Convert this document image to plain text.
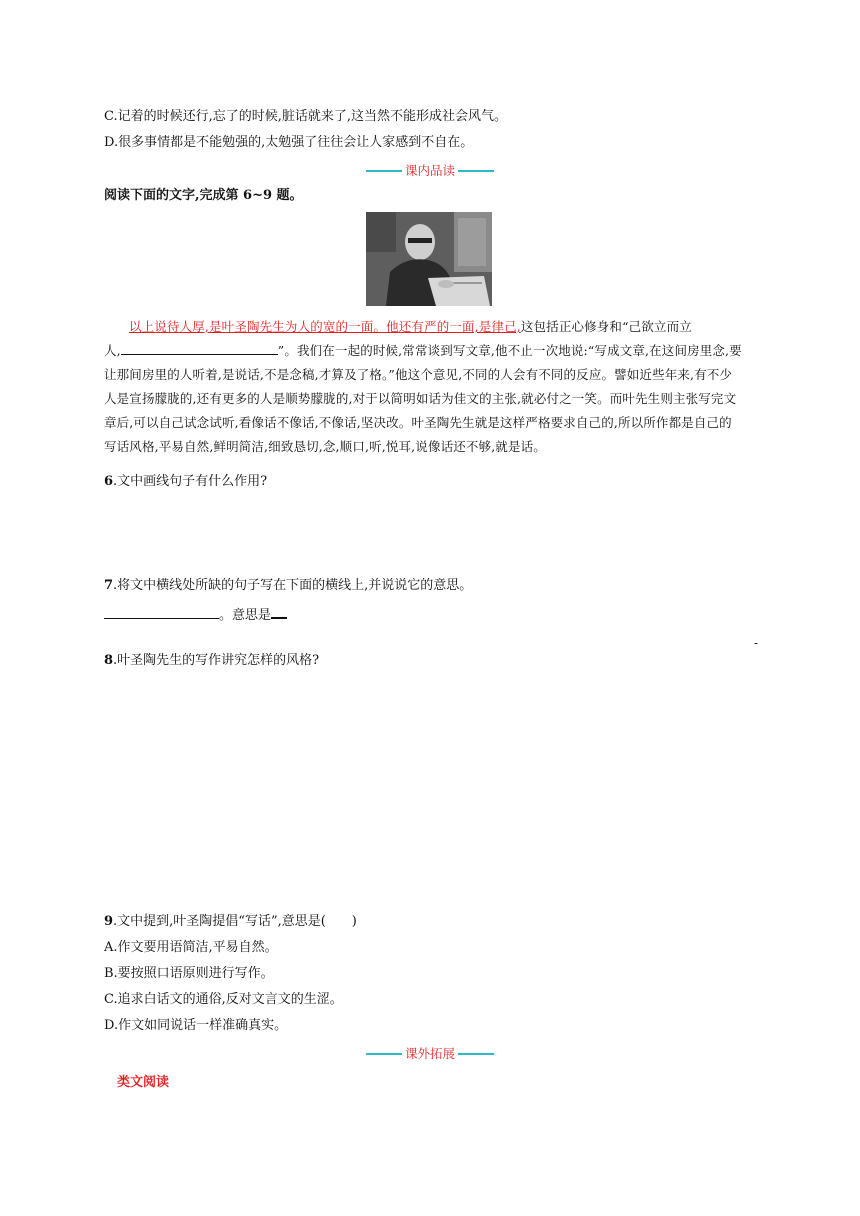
C.记着的时候还行,忘了的时候,脏话就来了,这当然不能形成社会风气。
D.很多事情都是不能勉强的,太勉强了往往会让人家感到不自在。
课内品读
阅读下面的文字,完成第 6~9 题。
以上说待人厚,是叶圣陶先生为人的宽的一面。他还有严的一面,是律己,这包括正心修身和“己欲立而立
人,	”。我们在一起的时候,常常谈到写文章,他不止一次地说:“写成文章,在这间房里念,要
让那间房里的人听着,是说话,不是念稿,才算及了格。”他这个意见,不同的人会有不同的反应。譬如近些年来,有不少
人是宣扬朦胧的,还有更多的人是顺势朦胧的,对于以简明如话为佳文的主张,就必付之一笑。而叶先生则主张写完文
章后,可以自己试念试听,看像话不像话,不像话,坚决改。叶圣陶先生就是这样严格要求自己的,所以所作都是自己的
写话风格,平易自然,鲜明简洁,细致恳切,念,顺口,听,悦耳,说像话还不够,就是话。
6.文中画线句子有什么作用?
7.将文中横线处所缺的句子写在下面的横线上,并说说它的意思。
。意思是
-
8.叶圣陶先生的写作讲究怎样的风格?
9.文中提到,叶圣陶提倡“写话”,意思是(　　)
A.作文要用语简洁,平易自然。
B.要按照口语原则进行写作。
C.追求白话文的通俗,反对文言文的生涩。
D.作文如同说话一样准确真实。
课外拓展
类文阅读
